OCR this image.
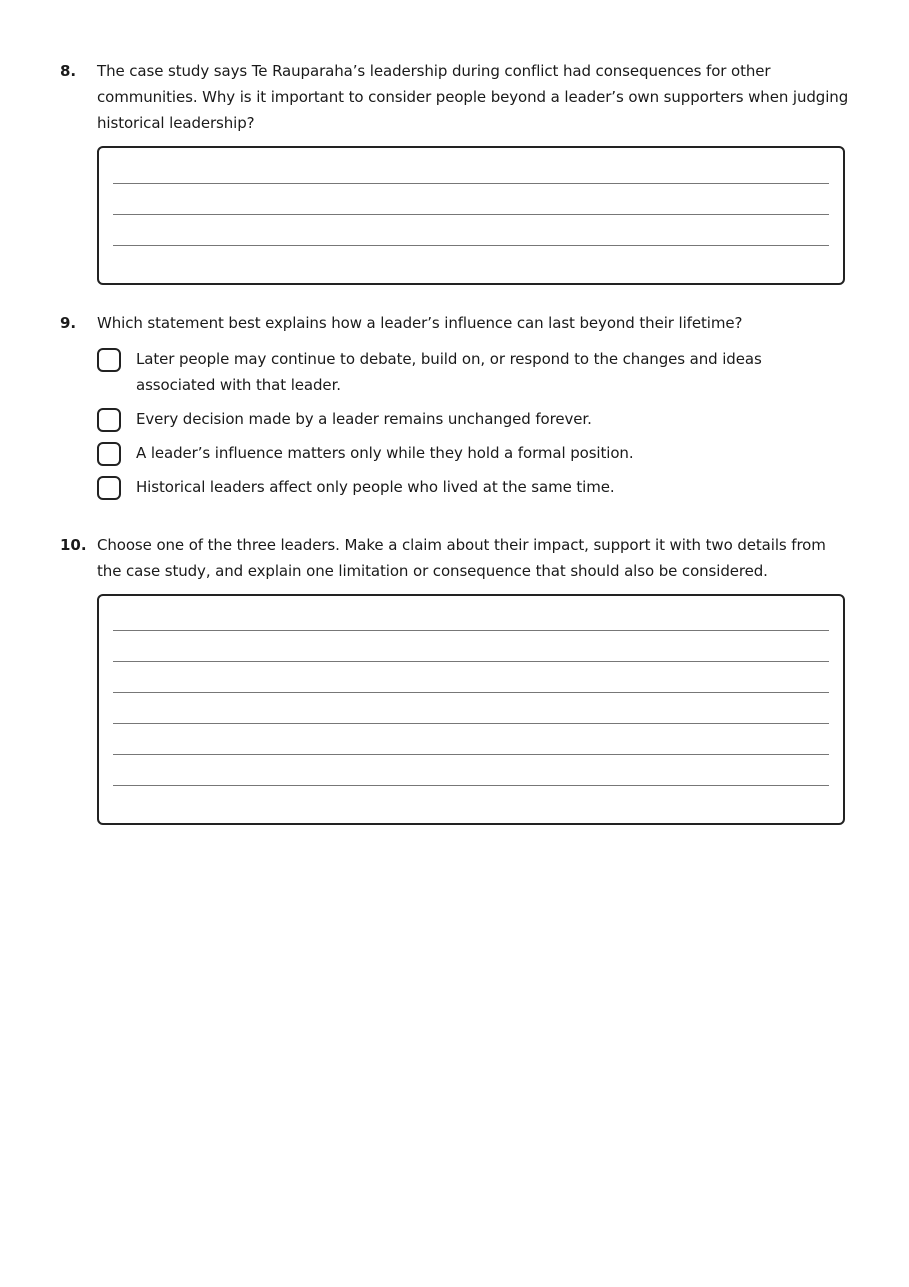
8.	The case study says Te Rauparaha’s leadership during conflict had consequences for other communities. Why is it important to consider people beyond a leader’s own supporters when judging historical leadership?
9.	Which statement best explains how a leader’s influence can last beyond their lifetime?
Later people may continue to debate, build on, or respond to the changes and ideas associated with that leader.
Every decision made by a leader remains unchanged forever.
A leader’s influence matters only while they hold a formal position.
Historical leaders affect only people who lived at the same time.
10. Choose one of the three leaders. Make a claim about their impact, support it with two details from the case study, and explain one limitation or consequence that should also be considered.
